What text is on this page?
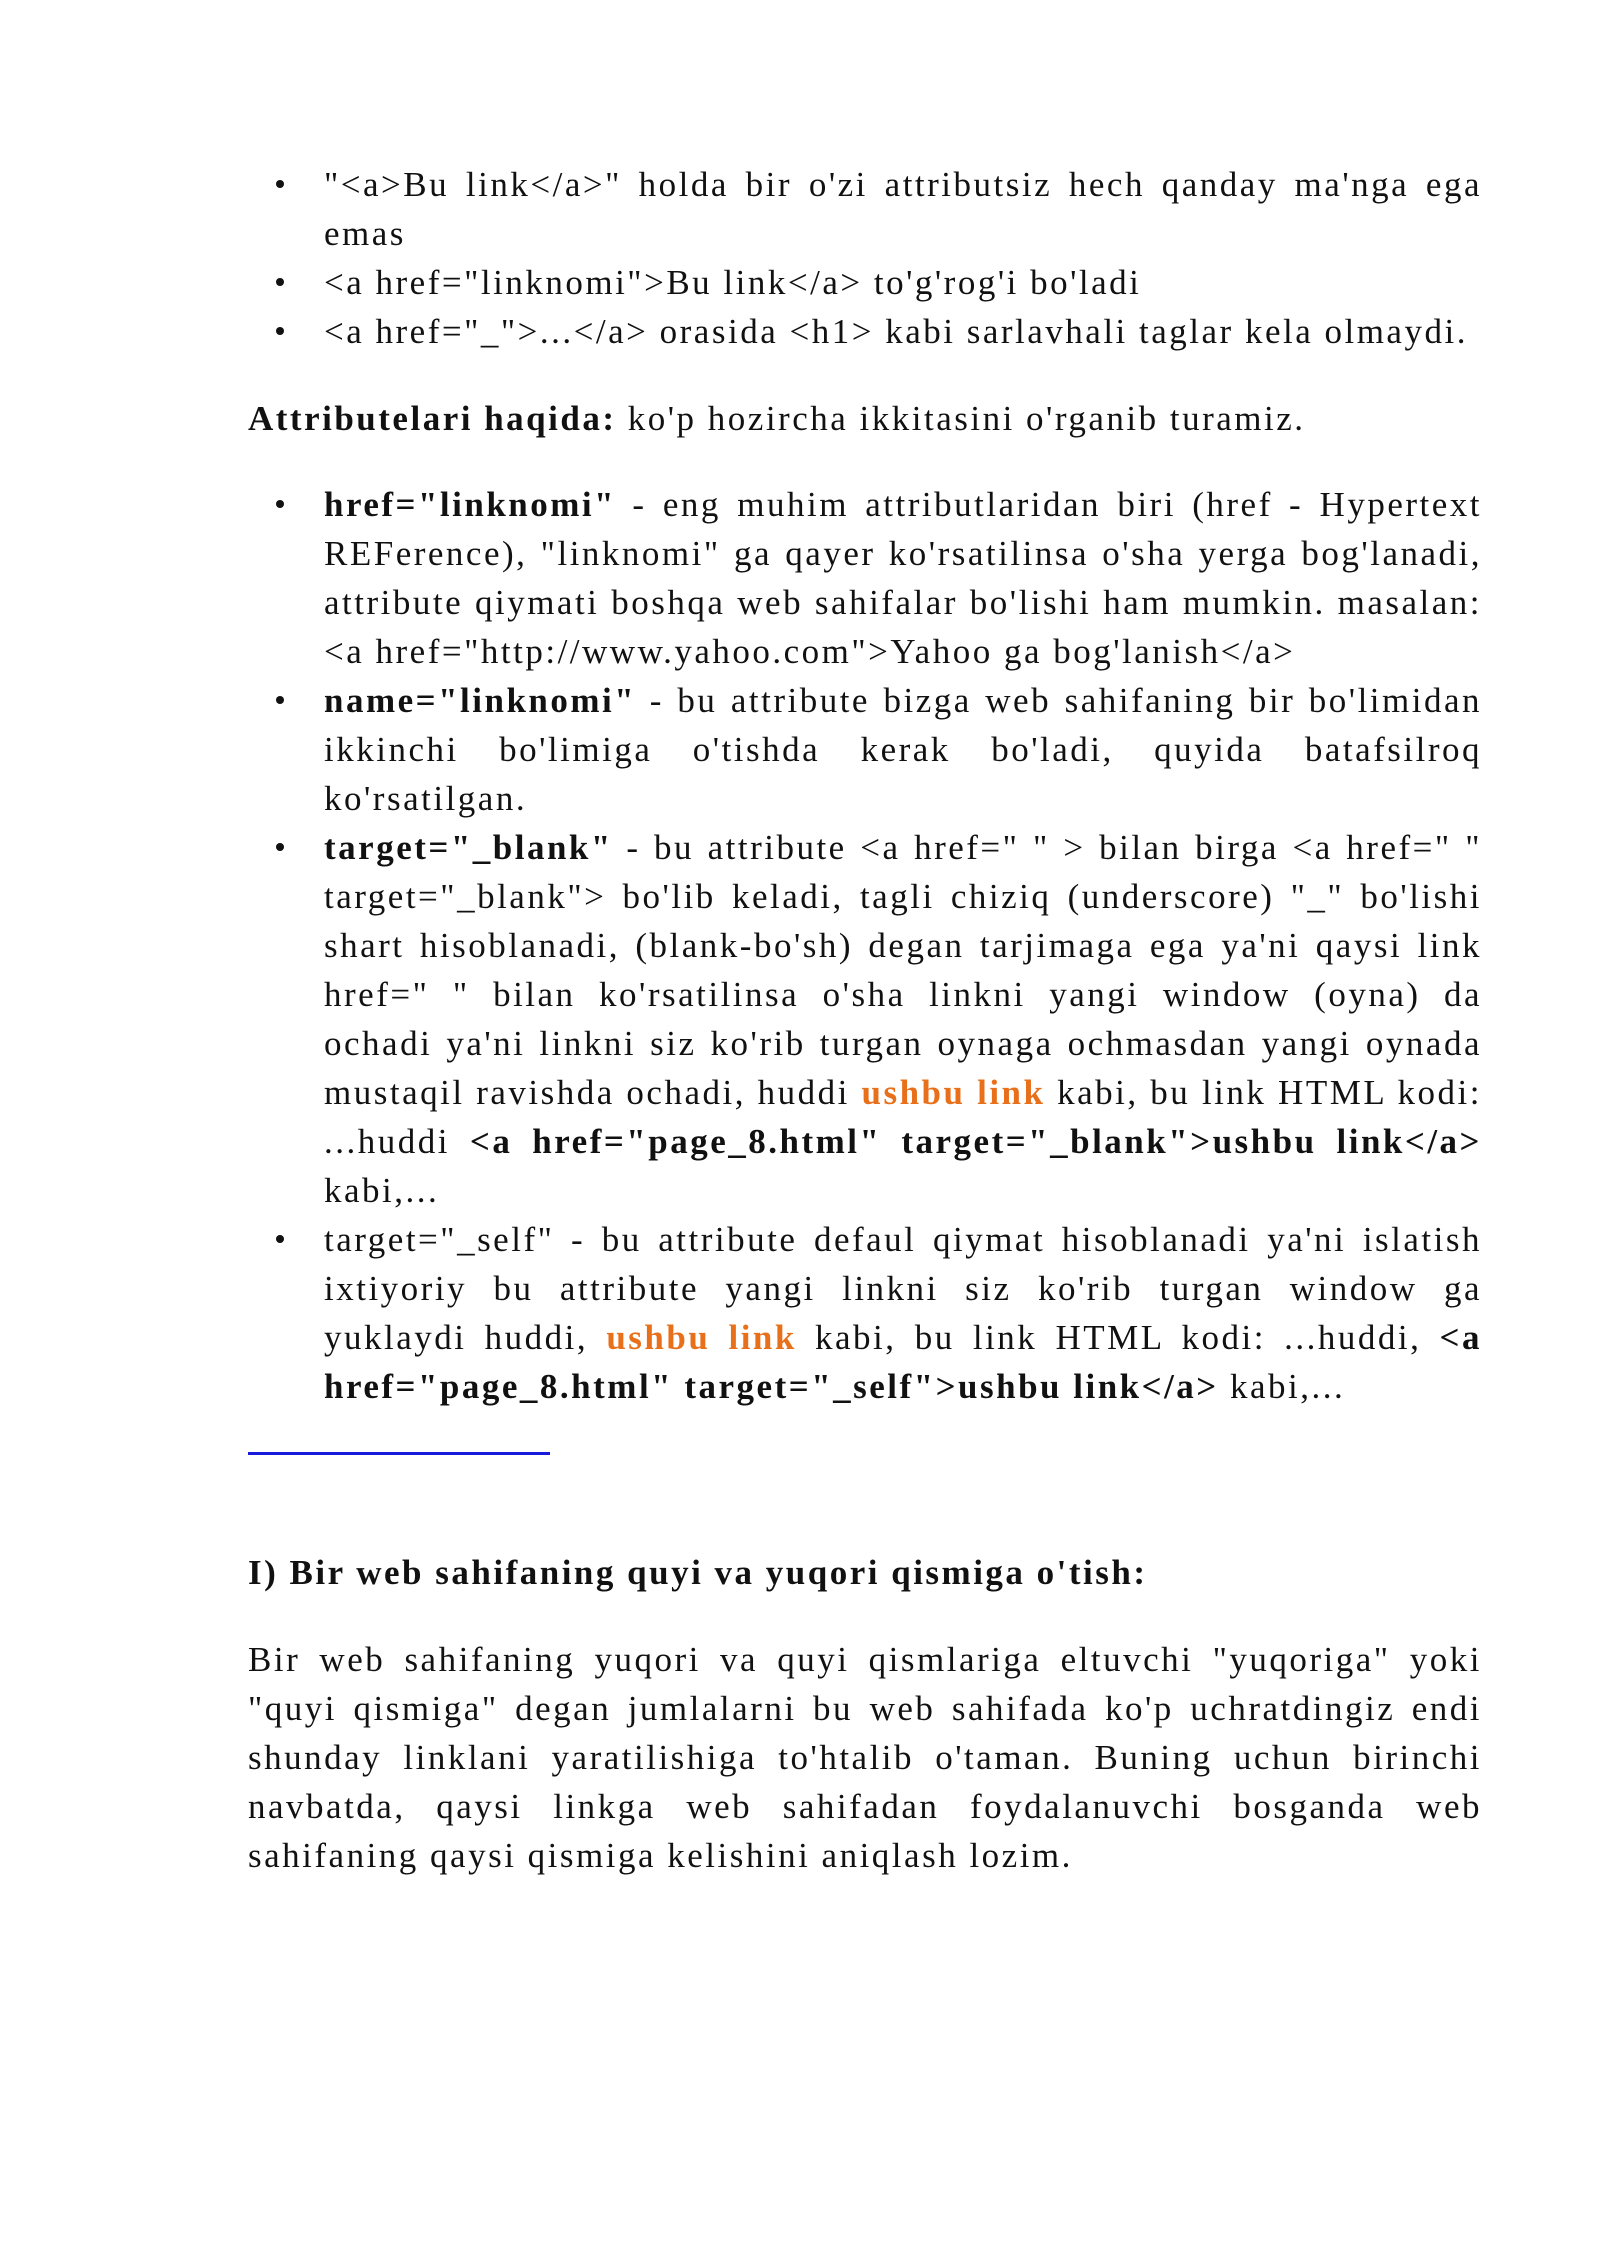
"<a>Bu link</a>" holda bir o'zi attributsiz hech qanday ma'nga ega emas
<a href="linknomi">Bu link</a> to'g'rog'i bo'ladi
<a href="_">...</a> orasida <h1> kabi sarlavhali taglar kela olmaydi.

Attributelari haqida: ko'p hozircha ikkitasini o'rganib turamiz.

href="linknomi" - eng muhim attributlaridan biri (href - Hypertext REFerence), "linknomi" ga qayer ko'rsatilinsa o'sha yerga bog'lanadi, attribute qiymati boshqa web sahifalar bo'lishi ham mumkin. masalan: <a href="http://www.yahoo.com">Yahoo ga bog'lanish</a>
name="linknomi" - bu attribute bizga web sahifaning bir bo'limidan ikkinchi bo'limiga o'tishda kerak bo'ladi, quyida batafsilroq ko'rsatilgan.
target="_blank" - bu attribute <a href=" " > bilan birga <a href=" " target="_blank"> bo'lib keladi, tagli chiziq (underscore) "_" bo'lishi shart hisoblanadi, (blank-bo'sh) degan tarjimaga ega ya'ni qaysi link href=" " bilan ko'rsatilinsa o'sha linkni yangi window (oyna) da ochadi ya'ni linkni siz ko'rib turgan oynaga ochmasdan yangi oynada mustaqil ravishda ochadi, huddi ushbu link kabi, bu link HTML kodi: ...huddi <a href="page_8.html" target="_blank">ushbu link</a> kabi,...
target="_self" - bu attribute defaul qiymat hisoblanadi ya'ni islatish ixtiyoriy bu attribute yangi linkni siz ko'rib turgan window ga yuklaydi huddi, ushbu link kabi, bu link HTML kodi: ...huddi, <a href="page_8.html" target="_self">ushbu link</a> kabi,...

I) Bir web sahifaning quyi va yuqori qismiga o'tish:

Bir web sahifaning yuqori va quyi qismlariga eltuvchi "yuqoriga" yoki "quyi qismiga" degan jumlalarni bu web sahifada ko'p uchratdingiz endi shunday linklani yaratilishiga to'htalib o'taman. Buning uchun birinchi navbatda, qaysi linkga web sahifadan foydalanuvchi bosganda web sahifaning qaysi qismiga kelishini aniqlash lozim.
